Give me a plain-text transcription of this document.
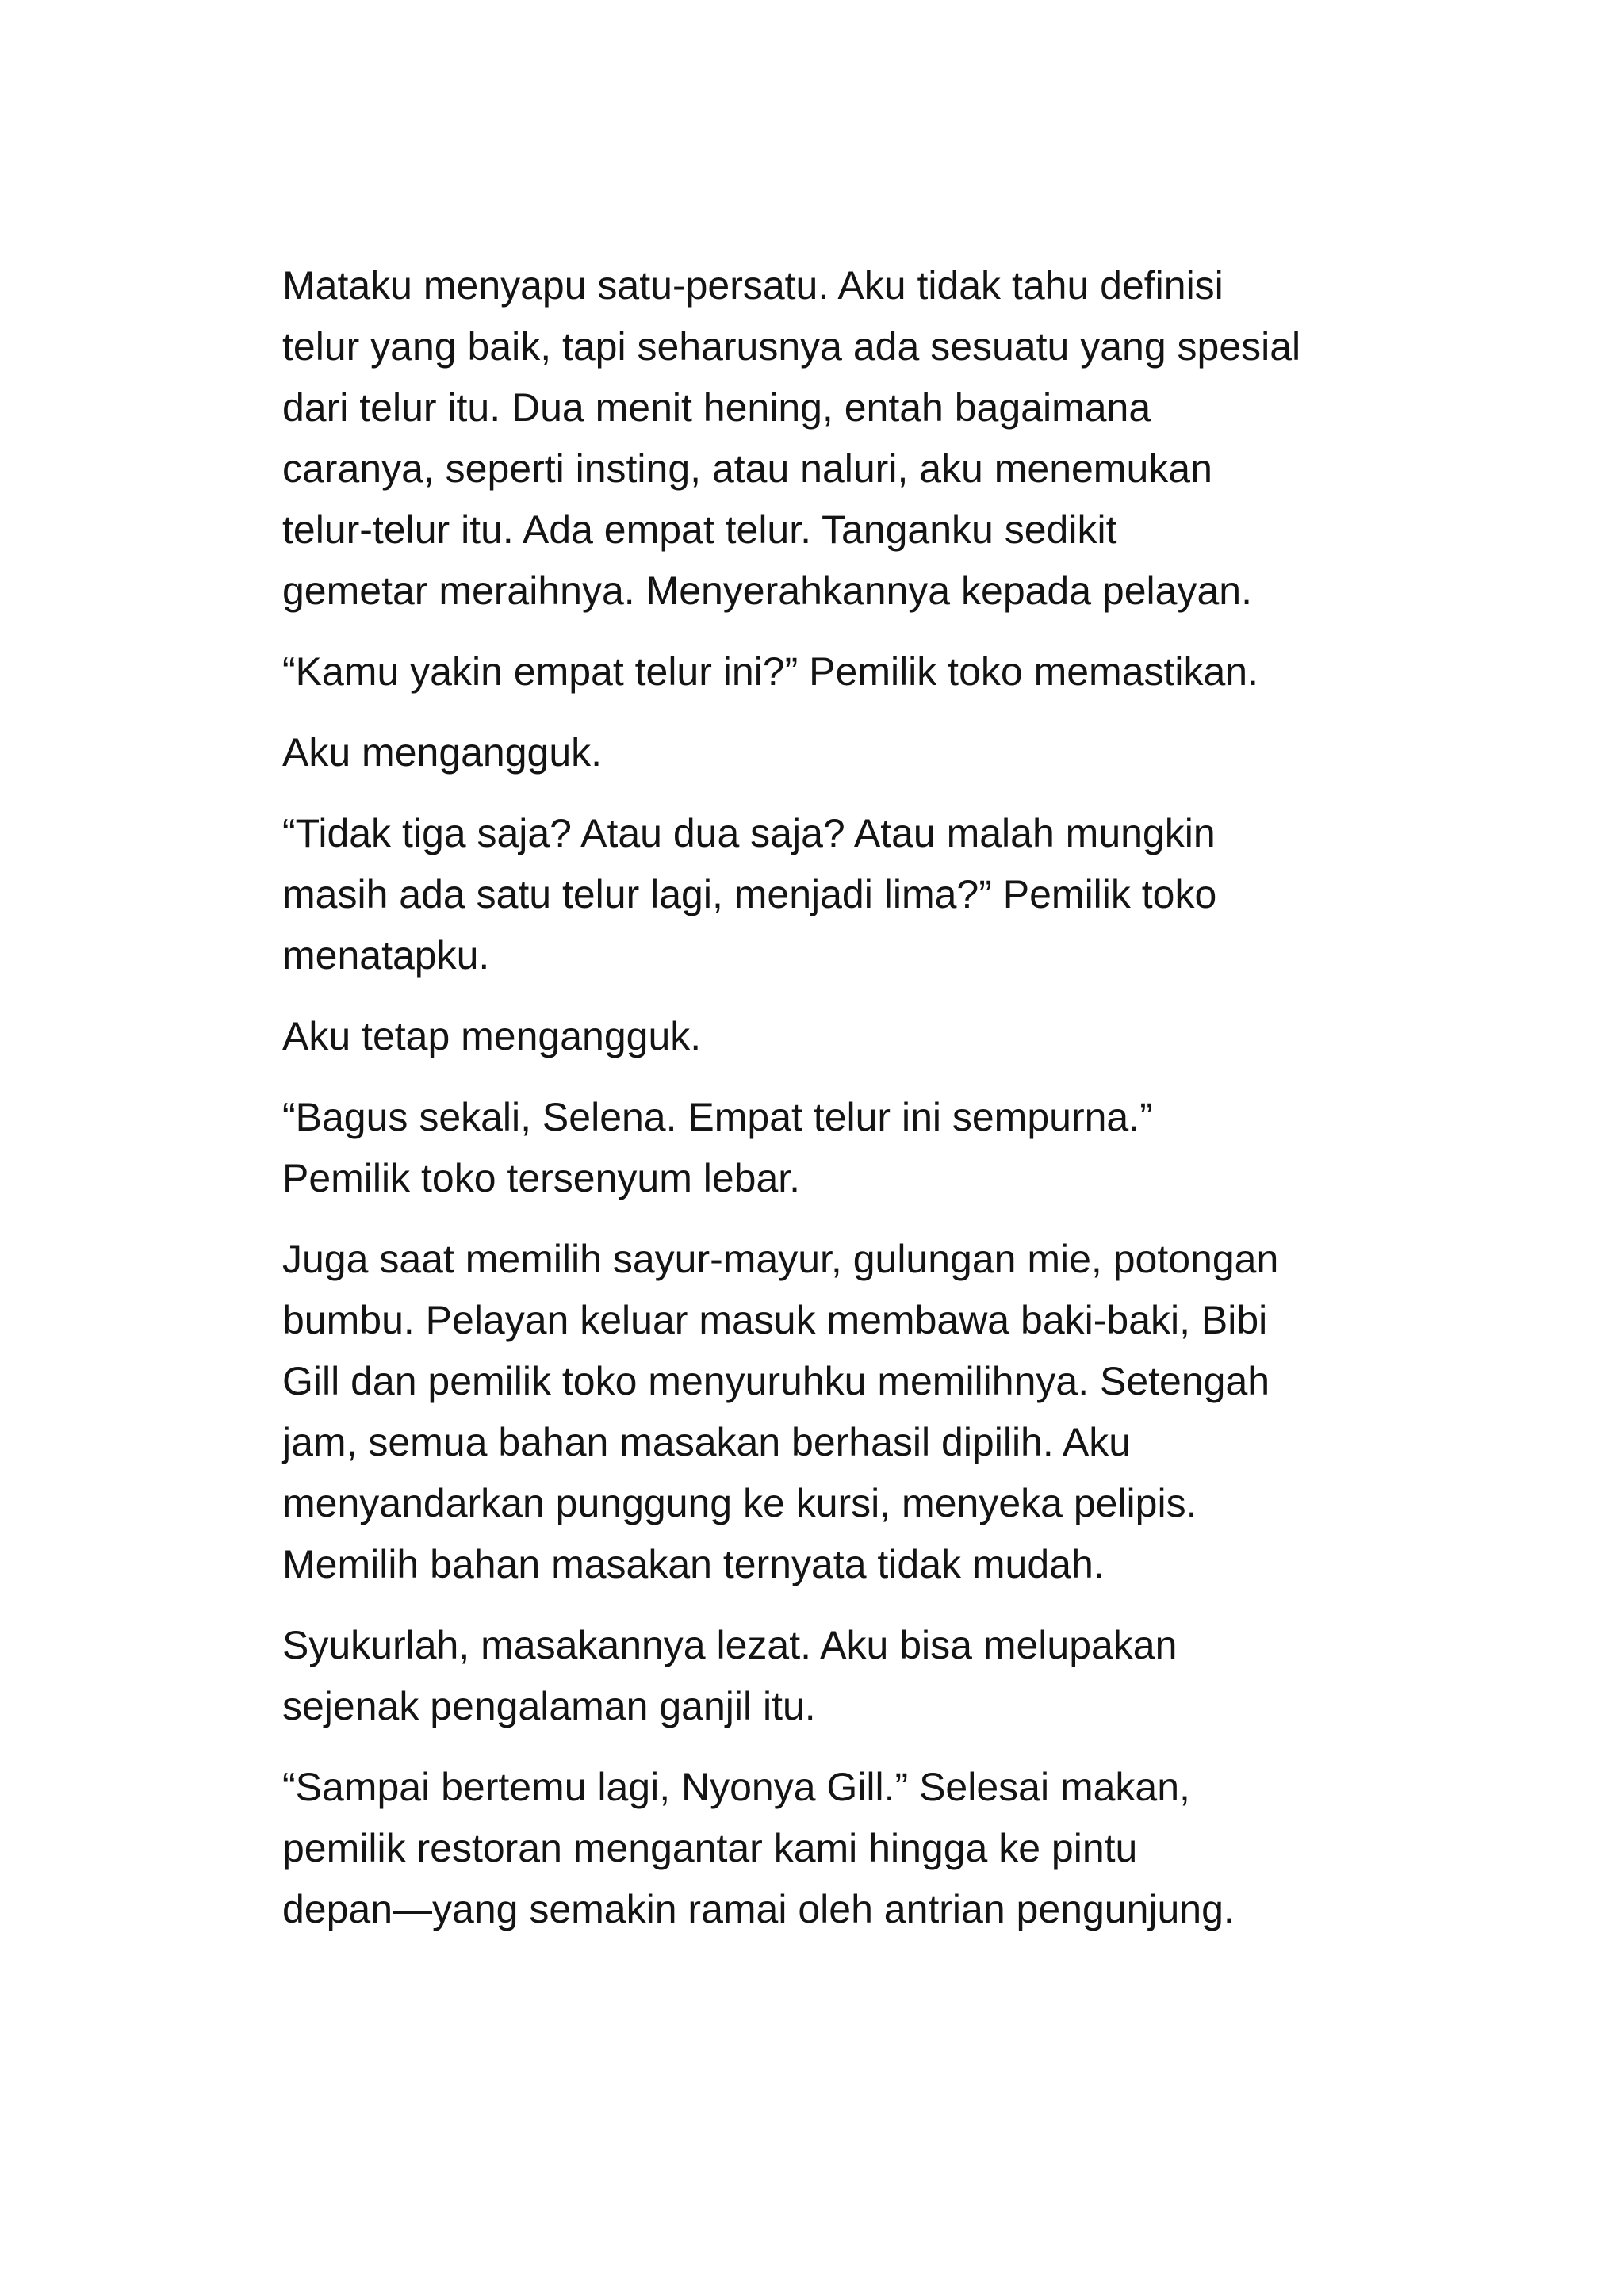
Mataku menyapu satu-persatu. Aku tidak tahu definisi
telur yang baik, tapi seharusnya ada sesuatu yang spesial
dari telur itu. Dua menit hening, entah bagaimana
caranya, seperti insting, atau naluri, aku menemukan
telur-telur itu. Ada empat telur. Tanganku sedikit
gemetar meraihnya. Menyerahkannya kepada pelayan.

“Kamu yakin empat telur ini?” Pemilik toko memastikan.

Aku mengangguk.

“Tidak tiga saja? Atau dua saja? Atau malah mungkin
masih ada satu telur lagi, menjadi lima?” Pemilik toko
menatapku.

Aku tetap mengangguk.

“Bagus sekali, Selena. Empat telur ini sempurna.”
Pemilik toko tersenyum lebar.

Juga saat memilih sayur-mayur, gulungan mie, potongan
bumbu. Pelayan keluar masuk membawa baki-baki, Bibi
Gill dan pemilik toko menyuruhku memilihnya. Setengah
jam, semua bahan masakan berhasil dipilih. Aku
menyandarkan punggung ke kursi, menyeka pelipis.
Memilih bahan masakan ternyata tidak mudah.

Syukurlah, masakannya lezat. Aku bisa melupakan
sejenak pengalaman ganjil itu.

“Sampai bertemu lagi, Nyonya Gill.” Selesai makan,
pemilik restoran mengantar kami hingga ke pintu
depan—yang semakin ramai oleh antrian pengunjung.
